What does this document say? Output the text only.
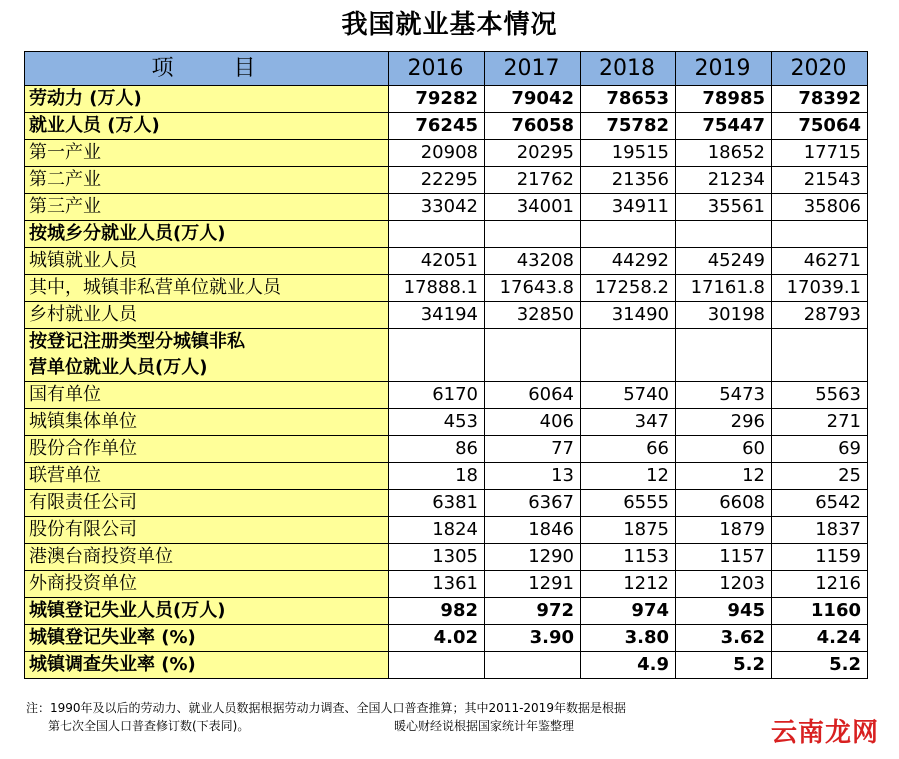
我国就业基本情况
项目	2016	2017	2018	2019	2020
劳动力 (万人)	79282	79042	78653	78985	78392
就业人员 (万人)	76245	76058	75782	75447	75064
第一产业	20908	20295	19515	18652	17715
第二产业	22295	21762	21356	21234	21543
第三产业	33042	34001	34911	35561	35806
按城乡分就业人员(万人)					
城镇就业人员	42051	43208	44292	45249	46271
其中，城镇非私营单位就业人员	17888.1	17643.8	17258.2	17161.8	17039.1
乡村就业人员	34194	32850	31490	30198	28793
按登记注册类型分城镇非私					
营单位就业人员(万人)					
国有单位	6170	6064	5740	5473	5563
城镇集体单位	453	406	347	296	271
股份合作单位	86	77	66	60	69
联营单位	18	13	12	12	25
有限责任公司	6381	6367	6555	6608	6542
股份有限公司	1824	1846	1875	1879	1837
港澳台商投资单位	1305	1290	1153	1157	1159
外商投资单位	1361	1291	1212	1203	1216
城镇登记失业人员(万人)	982	972	974	945	1160
城镇登记失业率 (%)	4.02	3.90	3.80	3.62	4.24
城镇调查失业率 (%)			4.9	5.2	5.2
注：1990年及以后的劳动力、就业人员数据根据劳动力调查、全国人口普查推算；其中2011-2019年数据是根据
第七次全国人口普查修订数(下表同)。	暖心财经说根据国家统计年鉴整理	云南龙网
